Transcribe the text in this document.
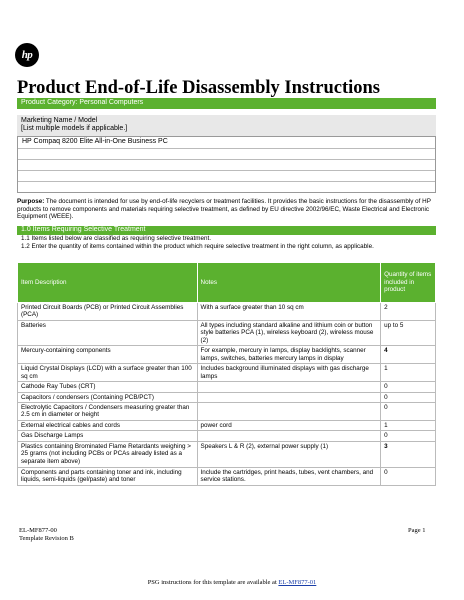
hp
Product End-of-Life Disassembly Instructions
Product Category: Personal Computers
Marketing Name / Model
[List multiple models if applicable.]
HP Compaq 8200 Elite All-in-One Business PC
Purpose: The document is intended for use by end-of-life recyclers or treatment facilities. It provides the basic instructions for the disassembly of HP products to remove components and materials requiring selective treatment, as defined by EU directive 2002/96/EC, Waste Electrical and Electronic Equipment (WEEE).
1.0 Items Requiring Selective Treatment
1.1 Items listed below are classified as requiring selective treatment.
1.2 Enter the quantity of items contained within the product which require selective treatment in the right column, as applicable.
Item Description	Notes	Quantity of items included in product
Printed Circuit Boards (PCB) or Printed Circuit Assemblies (PCA)	With a surface greater than 10 sq cm	2
Batteries	All types including standard alkaline and lithium coin or button style batteries PCA (1), wireless keyboard (2), wireless mouse (2)	up to 5
Mercury-containing components	For example, mercury in lamps, display backlights, scanner lamps, switches, batteries mercury lamps in display	4
Liquid Crystal Displays (LCD) with a surface greater than 100 sq cm	Includes background illuminated displays with gas discharge lamps	1
Cathode Ray Tubes (CRT)		0
Capacitors / condensers (Containing PCB/PCT)		0
Electrolytic Capacitors / Condensers measuring greater than 2.5 cm in diameter or height		0
External electrical cables and cords	power cord	1
Gas Discharge Lamps		0
Plastics containing Brominated Flame Retardants weighing > 25 grams (not including PCBs or PCAs already listed as a separate item above)	Speakers L & R (2), external power supply (1)	3
Components and parts containing toner and ink, including liquids, semi-liquids (gel/paste) and toner	Include the cartridges, print heads, tubes, vent chambers, and service stations.	0
EL-MF877-00
Template Revision B
Page 1
PSG instructions for this template are available at EL-MF877-01
